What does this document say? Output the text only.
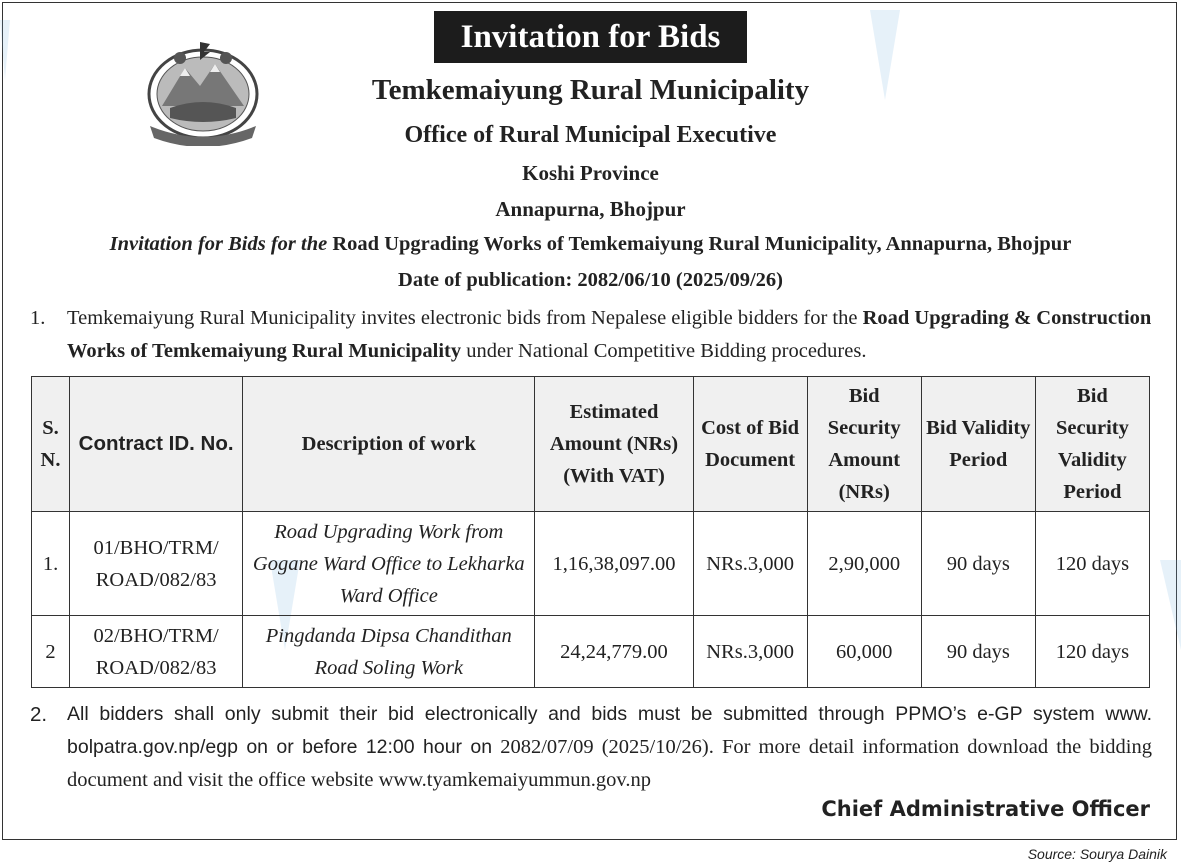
Invitation for Bids
Temkemaiyung Rural Municipality
Office of Rural Municipal Executive
Koshi Province
Annapurna, Bhojpur
Invitation for Bids for the Road Upgrading Works of Temkemaiyung Rural Municipality, Annapurna, Bhojpur
Date of publication: 2082/06/10 (2025/09/26)
1. Temkemaiyung Rural Municipality invites electronic bids from Nepalese eligible bidders for the Road Upgrading & Construction Works of Temkemaiyung Rural Municipality under National Competitive Bidding procedures.
S. N.	Contract ID. No.	Description of work	Estimated Amount (NRs) (With VAT)	Cost of Bid Document	Bid Security Amount (NRs)	Bid Validity Period	Bid Security Validity Period
1.	01/BHO/TRM/ ROAD/082/83	Road Upgrading Work from Gogane Ward Office to Lekharka Ward Office	1,16,38,097.00	NRs.3,000	2,90,000	90 days	120 days
2	02/BHO/TRM/ ROAD/082/83	Pingdanda Dipsa Chandithan Road Soling Work	24,24,779.00	NRs.3,000	60,000	90 days	120 days
2. All bidders shall only submit their bid electronically and bids must be submitted through PPMO’s e-GP system www. bolpatra.gov.np/egp on or before 12:00 hour on 2082/07/09 (2025/10/26). For more detail information download the bidding document and visit the office website www.tyamkemaiyummun.gov.np
Chief Administrative Officer
Source: Sourya Dainik
